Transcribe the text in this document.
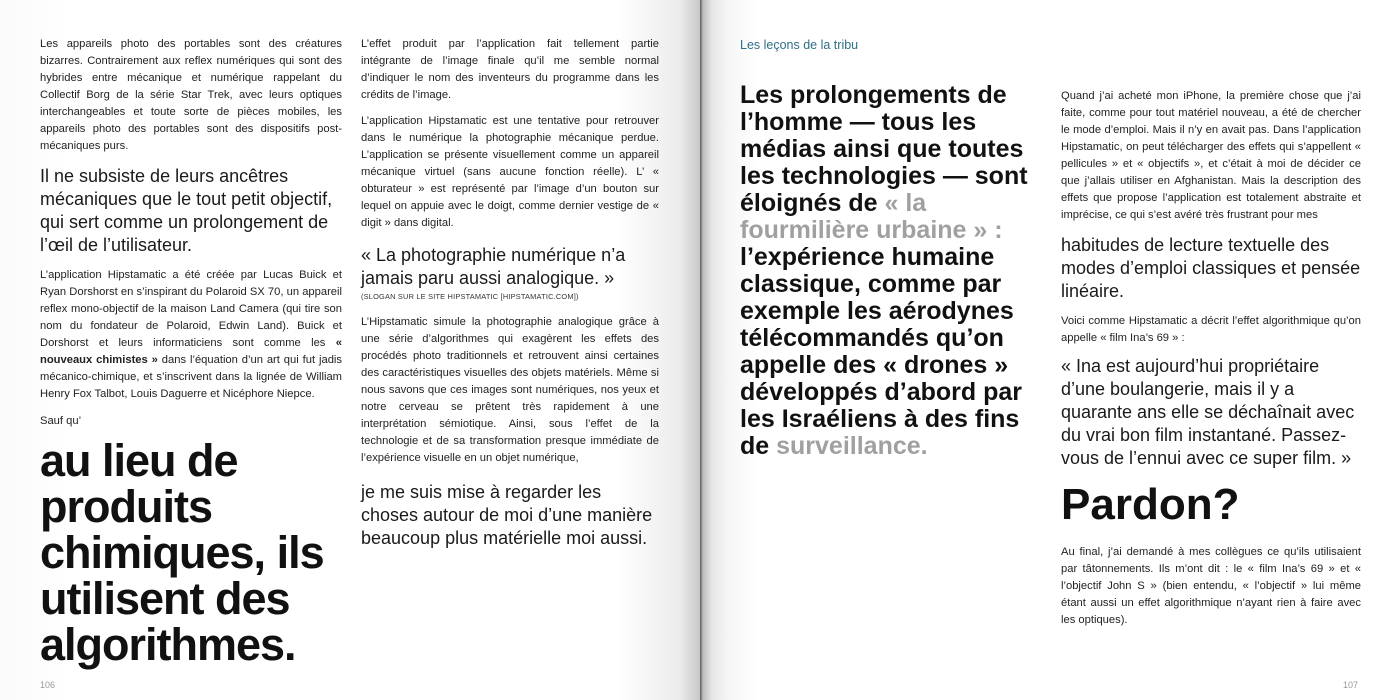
Les appareils photo des portables sont des créatures bizarres. Contrairement aux reflex numériques qui sont des hybrides entre mécanique et numérique rappelant du Collectif Borg de la série Star Trek, avec leurs optiques interchangeables et toute sorte de pièces mobiles, les appareils photo des portables sont des dispositifs post-mécaniques purs.

Il ne subsiste de leurs ancêtres mécaniques que le tout petit objectif, qui sert comme un prolongement de l’œil de l’utilisateur.

L’application Hipstamatic a été créée par Lucas Buick et Ryan Dorshorst en s’inspirant du Polaroid SX 70, un appareil reflex mono-objectif de la maison Land Camera (qui tire son nom du fondateur de Polaroid, Edwin Land). Buick et Dorshorst et leurs informaticiens sont comme les « nouveaux chimistes » dans l’équation d’un art qui fut jadis mécanico-chimique, et s’inscrivent dans la lignée de William Henry Fox Talbot, Louis Daguerre et Nicéphore Niepce.

Sauf qu’

au lieu de produits chimiques, ils utilisent des algorithmes.

L’effet produit par l’application fait tellement partie intégrante de l’image finale qu’il me semble normal d’indiquer le nom des inventeurs du programme dans les crédits de l’image.

L’application Hipstamatic est une tentative pour retrouver dans le numérique la photographie mécanique perdue. L’application se présente visuellement comme un appareil mécanique virtuel (sans aucune fonction réelle). L’ « obturateur » est représenté par l’image d’un bouton sur lequel on appuie avec le doigt, comme dernier vestige de « digit » dans digital.

« La photographie numérique n’a jamais paru aussi analogique. »

(SLOGAN SUR LE SITE HIPSTAMATIC [HIPSTAMATIC.COM])

L’Hipstamatic simule la photographie analogique grâce à une série d’algorithmes qui exagèrent les effets des procédés photo traditionnels et retrouvent ainsi certaines des caractéristiques visuelles des objets matériels. Même si nous savons que ces images sont numériques, nos yeux et notre cerveau se prêtent très rapidement à une interprétation sémiotique. Ainsi, sous l’effet de la technologie et de sa transformation presque immédiate de l’expérience visuelle en un objet numérique,

je me suis mise à regarder les choses autour de moi d’une manière beaucoup plus matérielle moi aussi.

106
Les leçons de la tribu

Les prolongements de l’homme — tous les médias ainsi que toutes les technologies — sont éloignés de « la fourmilière urbaine » : l’expérience humaine classique, comme par exemple les aérodynes télécommandés qu’on appelle des « drones » développés d’abord par les Israéliens à des fins de surveillance.

Quand j’ai acheté mon iPhone, la première chose que j’ai faite, comme pour tout matériel nouveau, a été de chercher le mode d’emploi. Mais il n’y en avait pas. Dans l’application Hipstamatic, on peut télécharger des effets qui s’appellent « pellicules » et « objectifs », et c’était à moi de décider ce que j’allais utiliser en Afghanistan. Mais la description des effets que propose l’application est totalement abstraite et imprécise, ce qui s’est avéré très frustrant pour mes

habitudes de lecture textuelle des modes d’emploi classiques et pensée linéaire.

Voici comme Hipstamatic a décrit l’effet algorithmique qu’on appelle « film Ina’s 69 » :

« Ina est aujourd’hui propriétaire d’une boulangerie, mais il y a quarante ans elle se déchaînait avec du vrai bon film instantané. Passez-vous de l’ennui avec ce super film. »

Pardon?

Au final, j’ai demandé à mes collègues ce qu’ils utilisaient par tâtonnements. Ils m’ont dit : le « film Ina’s 69 » et « l’objectif John S » (bien entendu, « l’objectif » lui même étant aussi un effet algorithmique n’ayant rien à faire avec les optiques).

107
